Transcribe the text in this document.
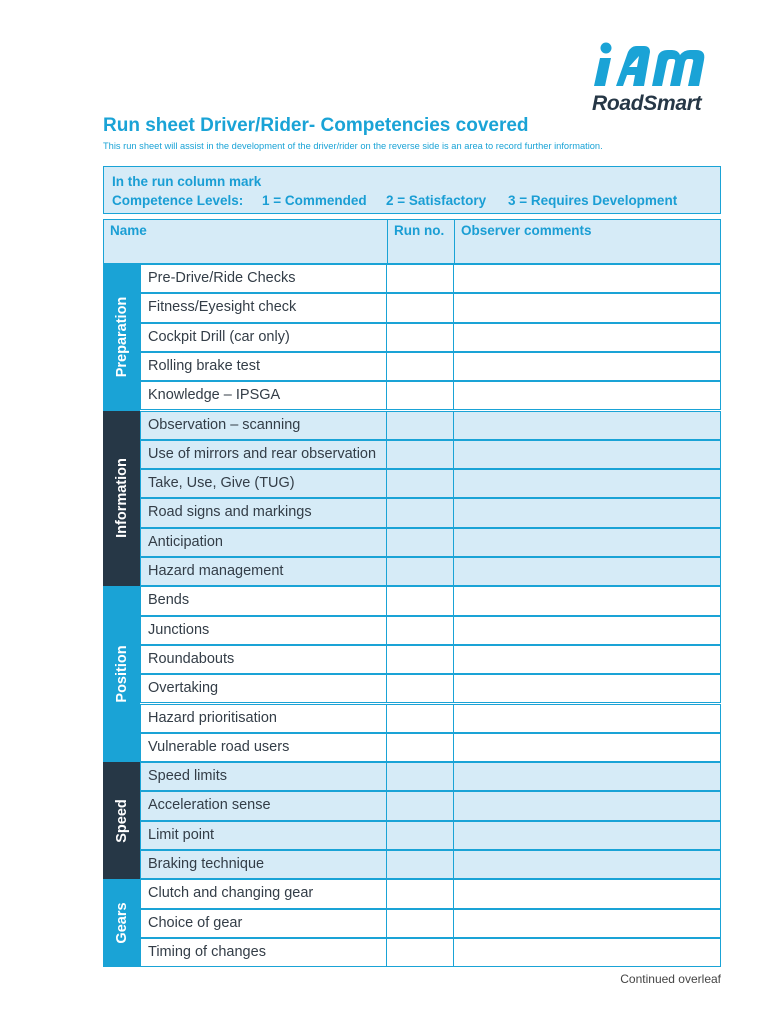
RoadSmart
Run sheet Driver/Rider- Competencies covered
This run sheet will assist in the development of the driver/rider on the reverse side is an area to record further information.
In the run column mark
Competence Levels: 1 = Commended 2 = Satisfactory 3 = Requires Development
Name	Run no.	Observer comments
Preparation
Pre-Drive/Ride Checks
Fitness/Eyesight check
Cockpit Drill (car only)
Rolling brake test
Knowledge – IPSGA
Information
Observation – scanning
Use of mirrors and rear observation
Take, Use, Give (TUG)
Road signs and markings
Anticipation
Hazard management
Position
Bends
Junctions
Roundabouts
Overtaking
Hazard prioritisation
Vulnerable road users
Speed
Speed limits
Acceleration sense
Limit point
Braking technique
Gears
Clutch and changing gear
Choice of gear
Timing of changes
Continued overleaf
